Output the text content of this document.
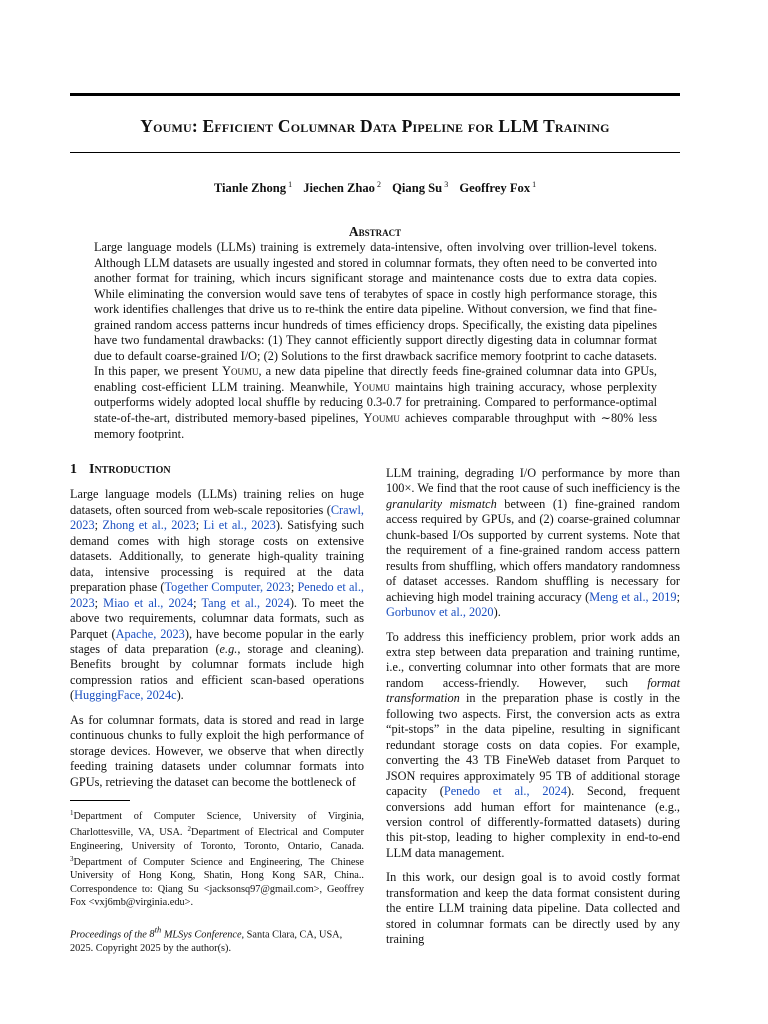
Youmu: Efficient Columnar Data Pipeline for LLM Training
Tianle Zhong $^1$ Jiechen Zhao $^2$ Qiang Su $^3$ Geoffrey Fox $^1$
Abstract
Large language models (LLMs) training is extremely data-intensive, often involving over trillion-level tokens. Although LLM datasets are usually ingested and stored in columnar formats, they often need to be converted into another format for training, which incurs significant storage and maintenance costs due to extra data copies. While eliminating the conversion would save tens of terabytes of space in costly high performance storage, this work identifies challenges that drive us to re-think the entire data pipeline. Without conversion, we find that fine-grained random access patterns incur hundreds of times efficiency drops. Specifically, the existing data pipelines have two fundamental drawbacks: (1) They cannot efficiently support directly digesting data in columnar format due to default coarse-grained I/O; (2) Solutions to the first drawback sacrifice memory footprint to cache datasets. In this paper, we present Youmu, a new data pipeline that directly feeds fine-grained columnar data into GPUs, enabling cost-efficient LLM training. Meanwhile, Youmu maintains high training accuracy, whose perplexity outperforms widely adopted local shuffle by reducing 0.3-0.7 for pretraining. Compared to performance-optimal state-of-the-art, distributed memory-based pipelines, Youmu achieves comparable throughput with ∼80% less memory footprint.
1 Introduction

Large language models (LLMs) training relies on huge datasets, often sourced from web-scale repositories (Crawl, 2023; Zhong et al., 2023; Li et al., 2023). Satisfying such demand comes with high storage costs on extensive datasets. Additionally, to generate high-quality training data, intensive processing is required at the data preparation phase (Together Computer, 2023; Penedo et al., 2023; Miao et al., 2024; Tang et al., 2024). To meet the above two requirements, columnar data formats, such as Parquet (Apache, 2023), have become popular in the early stages of data preparation (e.g., storage and cleaning). Benefits brought by columnar formats include high compression ratios and efficient scan-based operations (HuggingFace, 2024c).

As for columnar formats, data is stored and read in large continuous chunks to fully exploit the high performance of storage devices. However, we observe that when directly feeding training datasets under columnar formats into GPUs, retrieving the dataset can become the bottleneck of

$^1$Department of Computer Science, University of Virginia, Charlottesville, VA, USA. $^2$Department of Electrical and Computer Engineering, University of Toronto, Toronto, Ontario, Canada. $^3$Department of Computer Science and Engineering, The Chinese University of Hong Kong, Shatin, Hong Kong SAR, China.. Correspondence to: Qiang Su <jacksonsq97@gmail.com>, Geoffrey Fox <vxj6mb@virginia.edu>.
Proceedings of the 8th MLSys Conference, Santa Clara, CA, USA, 2025. Copyright 2025 by the author(s).

LLM training, degrading I/O performance by more than 100×. We find that the root cause of such inefficiency is the granularity mismatch between (1) fine-grained random access required by GPUs, and (2) coarse-grained columnar chunk-based I/Os supported by current systems. Note that the requirement of a fine-grained random access pattern results from shuffling, which offers mandatory randomness of dataset accesses. Random shuffling is necessary for achieving high model training accuracy (Meng et al., 2019; Gorbunov et al., 2020).

To address this inefficiency problem, prior work adds an extra step between data preparation and training runtime, i.e., converting columnar into other formats that are more random access-friendly. However, such format transformation in the preparation phase is costly in the following two aspects. First, the conversion acts as extra “pit-stops” in the data pipeline, resulting in significant redundant storage costs on data copies. For example, converting the 43 TB FineWeb dataset from Parquet to JSON requires approximately 95 TB of additional storage capacity (Penedo et al., 2024). Second, frequent conversions add human effort for maintenance (e.g., version control of differently-formatted datasets) during this pit-stop, leading to higher complexity in end-to-end LLM data management.

In this work, our design goal is to avoid costly format transformation and keep the data format consistent during the entire LLM training data pipeline. Data collected and stored in columnar formats can be directly used by any training
